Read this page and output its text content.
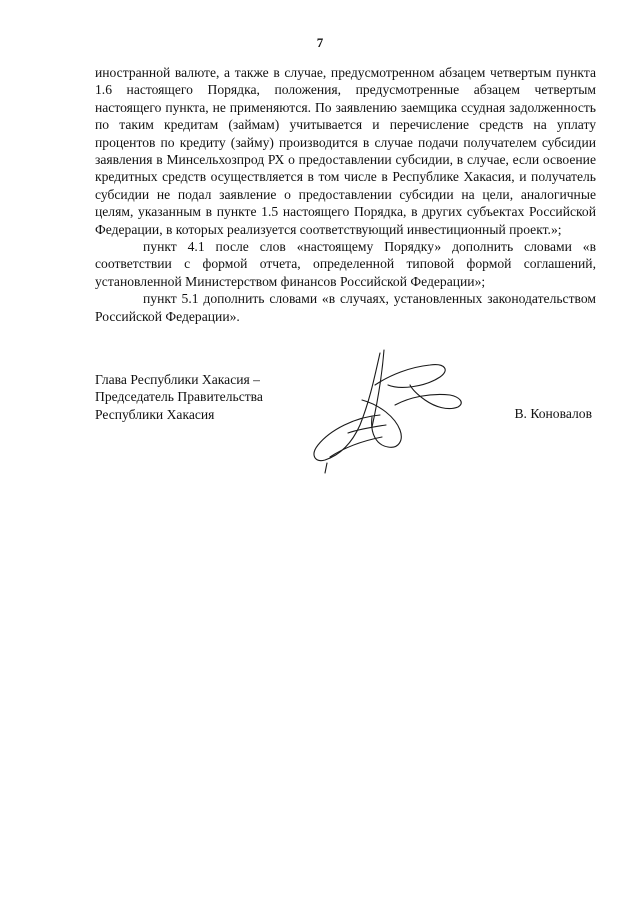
7

иностранной валюте, а также в случае, предусмотренном абзацем четвертым пункта 1.6 настоящего Порядка, положения, предусмотренные абзацем четвертым настоящего пункта, не применяются. По заявлению заемщика ссудная задолженность по таким кредитам (займам) учитывается и перечисление средств на уплату процентов по кредиту (займу) производится в случае подачи получателем субсидии заявления в Минсельхозпрод РХ о предоставлении субсидии, в случае, если освоение кредитных средств осуществляется в том числе в Республике Хакасия, и получатель субсидии не подал заявление о предоставлении субсидии на цели, аналогичные целям, указанным в пункте 1.5 настоящего Порядка, в других субъектах Российской Федерации, в которых реализуется соответствующий инвестиционный проект.»;

пункт 4.1 после слов «настоящему Порядку» дополнить словами «в соответствии с формой отчета, определенной типовой формой соглашений, установленной Министерством финансов Российской Федерации»;

пункт 5.1 дополнить словами «в случаях, установленных законодательством Российской Федерации».

Глава Республики Хакасия –
Председатель Правительства
Республики Хакасия	В. Коновалов
